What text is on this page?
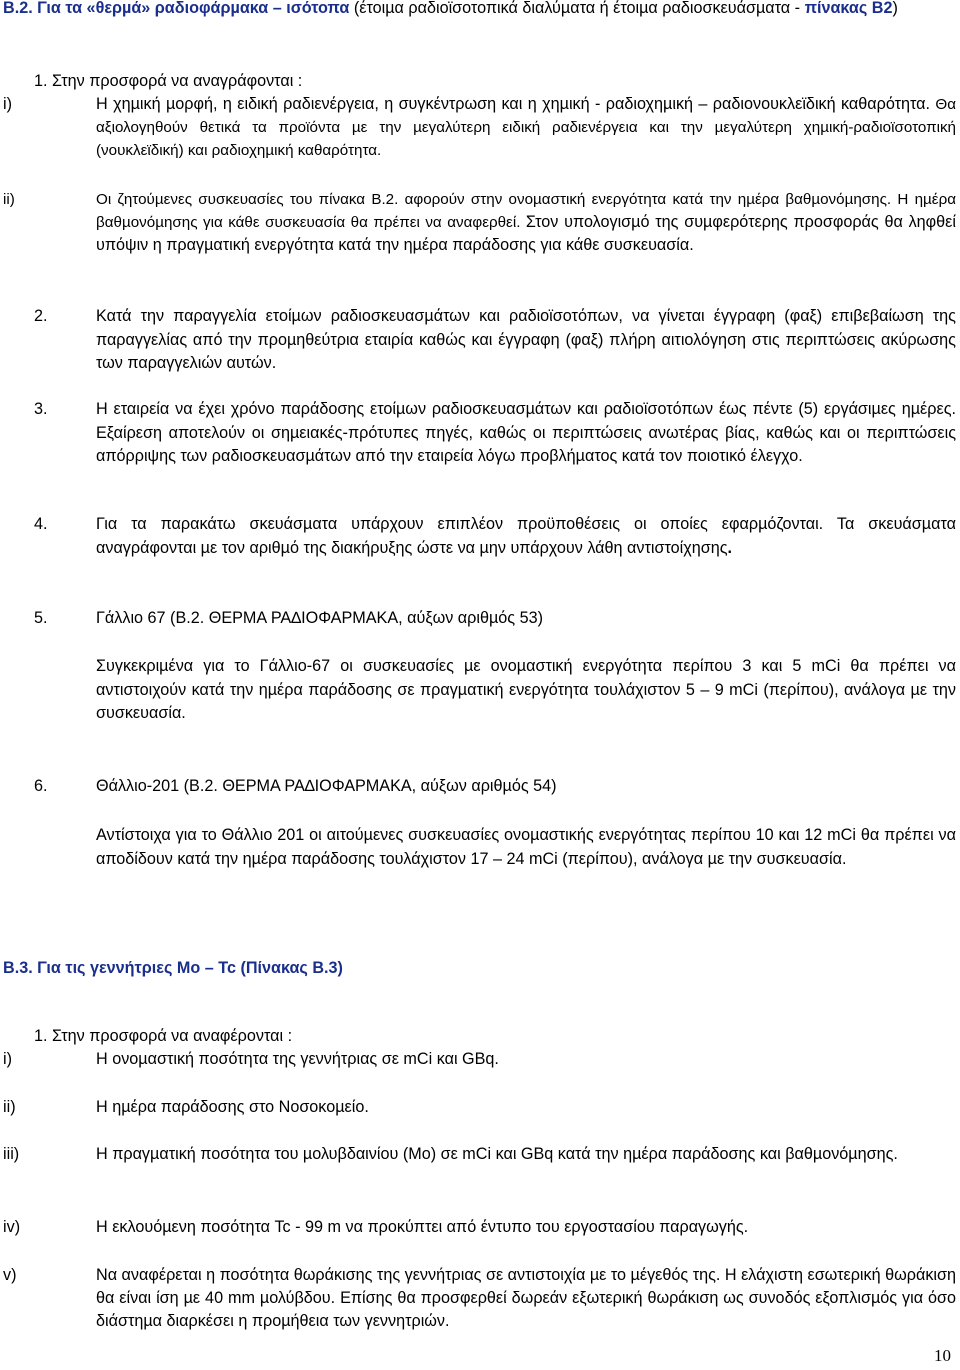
Β.2. Για τα «θερµά» ραδιοφάρµακα – ισότοπα (έτοιµα ραδιοϊσοτοπικά διαλύµατα ή έτοιµα ραδιοσκευάσµατα - πίνακας Β2)

1. Στην προσφορά να αναγράφονται :

i)	Η χηµική µορφή, η ειδική ραδιενέργεια, η συγκέντρωση και η χηµική - ραδιοχηµική – ραδιονουκλεϊδική καθαρότητα. Θα αξιολογηθούν θετικά τα προϊόντα µε την µεγαλύτερη ειδική ραδιενέργεια και την µεγαλύτερη χηµική-ραδιοϊσοτοπική (νουκλεϊδική) και ραδιοχηµική καθαρότητα.

ii)	Οι ζητούµενες συσκευασίες του πίνακα Β.2. αφορούν στην ονοµαστική ενεργότητα κατά την ηµέρα βαθµονόµησης. Η ηµέρα βαθµονόµησης για κάθε συσκευασία θα πρέπει να αναφερθεί. Στον υπολογισµό της συµφερότερης προσφοράς θα ληφθεί υπόψιν η πραγµατική ενεργότητα κατά την ηµέρα παράδοσης για κάθε συσκευασία.

2.	Κατά την παραγγελία ετοίµων ραδιοσκευασµάτων και ραδιοϊσοτόπων, να γίνεται έγγραφη (φαξ) επιβεβαίωση της παραγγελίας από την προµηθεύτρια εταιρία καθώς και έγγραφη (φαξ) πλήρη αιτιολόγηση στις περιπτώσεις ακύρωσης των παραγγελιών αυτών.

3.	Η εταιρεία να έχει χρόνο παράδοσης ετοίµων ραδιοσκευασµάτων και ραδιοϊσοτόπων έως πέντε (5) εργάσιµες ηµέρες. Εξαίρεση αποτελούν οι σηµειακές-πρότυπες πηγές, καθώς οι περιπτώσεις ανωτέρας βίας, καθώς και οι περιπτώσεις απόρριψης των ραδιοσκευασµάτων από την εταιρεία λόγω προβλήµατος κατά τον ποιοτικό έλεγχο.

4.	Για τα παρακάτω σκευάσµατα υπάρχουν επιπλέον προϋποθέσεις οι οποίες εφαρµόζονται. Τα σκευάσµατα αναγράφονται µε τον αριθµό της διακήρυξης ώστε να µην υπάρχουν λάθη αντιστοίχησης.

5.	Γάλλιο 67 (Β.2. ΘΕΡΜΑ ΡΑ∆ΙΟΦΑΡΜΑΚΑ, αύξων αριθµός 53)

Συγκεκριµένα για το Γάλλιο-67 οι συσκευασίες µε ονοµαστική ενεργότητα περίπου 3 και 5 mCi θα πρέπει να αντιστοιχούν κατά την ηµέρα παράδοσης σε πραγµατική ενεργότητα τουλάχιστον 5 – 9 mCi (περίπου), ανάλογα µε την συσκευασία.

6.	Θάλλιο-201 (Β.2. ΘΕΡΜΑ ΡΑ∆ΙΟΦΑΡΜΑΚΑ, αύξων αριθµός 54)

Αντίστοιχα για το Θάλλιο 201 οι αιτούµενες συσκευασίες ονοµαστικής ενεργότητας περίπου 10 και 12 mCi θα πρέπει να αποδίδουν κατά την ηµέρα παράδοσης τουλάχιστον 17 – 24 mCi (περίπου), ανάλογα µε την συσκευασία.

Β.3. Για τις γεννήτριες Mo – Tc (Πίνακας Β.3)

1. Στην προσφορά να αναφέρονται :

i)	Η ονοµαστική ποσότητα της γεννήτριας σε mCi και GBq.

ii)	Η ηµέρα παράδοσης στο Νοσοκοµείο.

iii)	Η πραγµατική ποσότητα του µολυβδαινίου (Mo) σε mCi και GBq κατά την ηµέρα παράδοσης και βαθµονόµησης.

iv)	Η εκλουόµενη ποσότητα Tc - 99 m να προκύπτει από έντυπο του εργοστασίου παραγωγής.

v)	Να αναφέρεται η ποσότητα θωράκισης της γεννήτριας σε αντιστοιχία µε το µέγεθός της. Η ελάχιστη εσωτερική θωράκιση θα είναι ίση µε 40 mm µολύβδου. Επίσης θα προσφερθεί δωρεάν εξωτερική θωράκιση ως συνοδός εξοπλισµός για όσο διάστηµα διαρκέσει η προµήθεια των γεννητριών.

10
